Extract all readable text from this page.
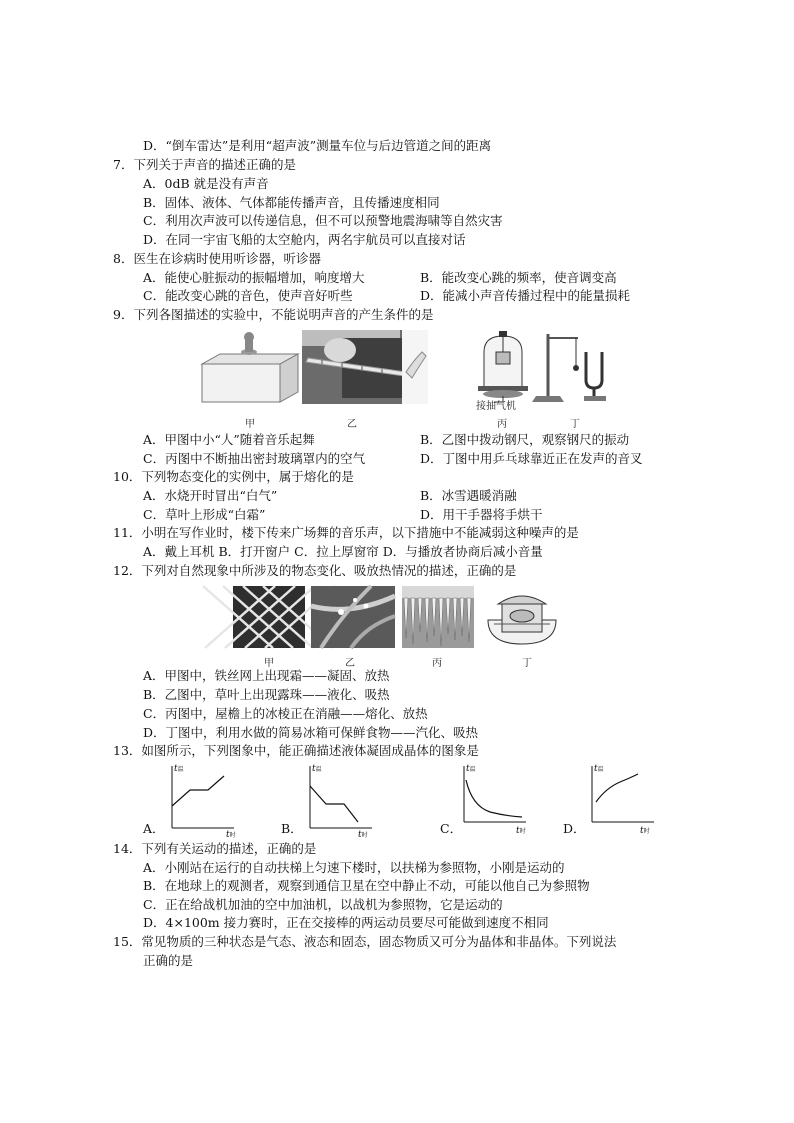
D．“倒车雷达”是利用“超声波”测量车位与后边管道之间的距离
7．下列关于声音的描述正确的是
A．0dB 就是没有声音
B．固体、液体、气体都能传播声音，且传播速度相同
C．利用次声波可以传递信息，但不可以预警地震海啸等自然灾害
D．在同一宇宙飞船的太空舱内，两名宇航员可以直接对话
8．医生在诊病时使用听诊器，听诊器
A．能使心脏振动的振幅增加，响度增大	B．能改变心跳的频率，使音调变高
C．能改变心跳的音色，使声音好听些	D．能减小声音传播过程中的能量损耗
9．下列各图描述的实验中，不能说明声音的产生条件的是
接抽气机
甲	乙	丙	丁
A．甲图中小“人”随着音乐起舞	B．乙图中拨动钢尺，观察钢尺的振动
C．丙图中不断抽出密封玻璃罩内的空气	D．丁图中用乒乓球靠近正在发声的音叉
10．下列物态变化的实例中，属于熔化的是
A．水烧开时冒出“白气”	B．冰雪遇暖消融
C．草叶上形成“白霜”	D．用干手器将手烘干
11．小明在写作业时，楼下传来广场舞的音乐声，以下措施中不能减弱这种噪声的是
A．戴上耳机 B．打开窗户 C．拉上厚窗帘 D．与播放者协商后减小音量
12．下列对自然现象中所涉及的物态变化、吸放热情况的描述，正确的是
甲	乙	丙	丁
A．甲图中，铁丝网上出现霜——凝固、放热
B．乙图中，草叶上出现露珠——液化、吸热
C．丙图中，屋檐上的冰棱正在消融——熔化、放热
D．丁图中，利用水做的简易冰箱可保鲜食物——汽化、吸热
13．如图所示，下列图象中，能正确描述液体凝固成晶体的图象是
t温
t时
A．
t温
t时
B．
t温
t时
C．
t温
t时
D．
14．下列有关运动的描述，正确的是
A．小刚站在运行的自动扶梯上匀速下楼时，以扶梯为参照物，小刚是运动的
B．在地球上的观测者，观察到通信卫星在空中静止不动，可能以他自己为参照物
C．正在给战机加油的空中加油机，以战机为参照物，它是运动的
D．4×100m 接力赛时，正在交接棒的两运动员要尽可能做到速度不相同
15．常见物质的三种状态是气态、液态和固态，固态物质又可分为晶体和非晶体。下列说法
正确的是
